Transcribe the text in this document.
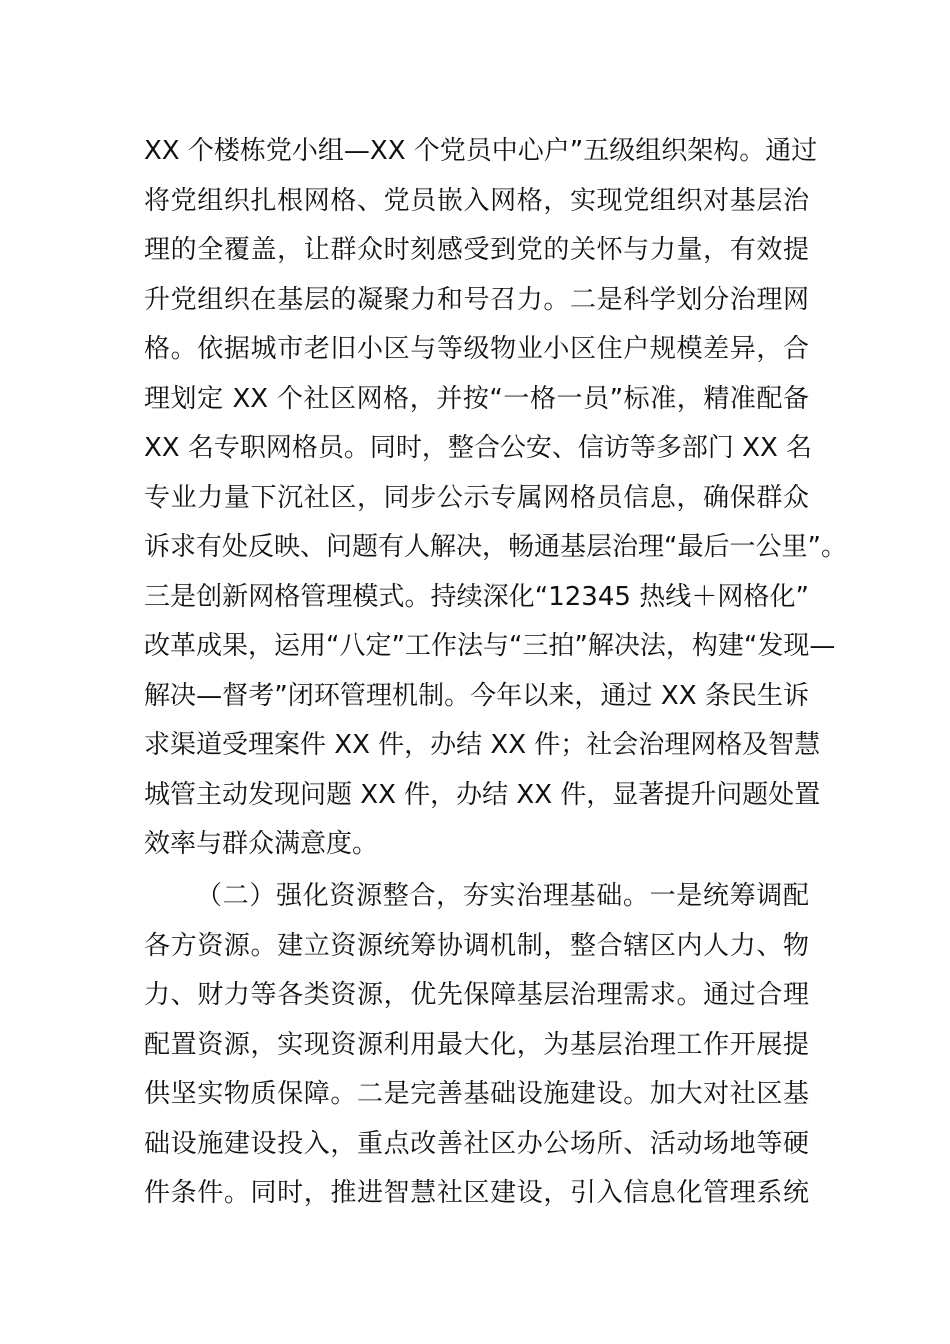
XX 个楼栋党小组—XX 个党员中心户”五级组织架构。通过
将党组织扎根网格、党员嵌入网格，实现党组织对基层治
理的全覆盖，让群众时刻感受到党的关怀与力量，有效提
升党组织在基层的凝聚力和号召力。二是科学划分治理网
格。依据城市老旧小区与等级物业小区住户规模差异，合
理划定 XX 个社区网格，并按“一格一员”标准，精准配备
XX 名专职网格员。同时，整合公安、信访等多部门 XX 名
专业力量下沉社区，同步公示专属网格员信息，确保群众
诉求有处反映、问题有人解决，畅通基层治理“最后一公里”。
三是创新网格管理模式。持续深化“12345 热线＋网格化”
改革成果，运用“八定”工作法与“三拍”解决法，构建“发现—
解决—督考”闭环管理机制。今年以来，通过 XX 条民生诉
求渠道受理案件 XX 件，办结 XX 件；社会治理网格及智慧
城管主动发现问题 XX 件，办结 XX 件，显著提升问题处置
效率与群众满意度。
（二）强化资源整合，夯实治理基础。一是统筹调配
各方资源。建立资源统筹协调机制，整合辖区内人力、物
力、财力等各类资源，优先保障基层治理需求。通过合理
配置资源，实现资源利用最大化，为基层治理工作开展提
供坚实物质保障。二是完善基础设施建设。加大对社区基
础设施建设投入，重点改善社区办公场所、活动场地等硬
件条件。同时，推进智慧社区建设，引入信息化管理系统
